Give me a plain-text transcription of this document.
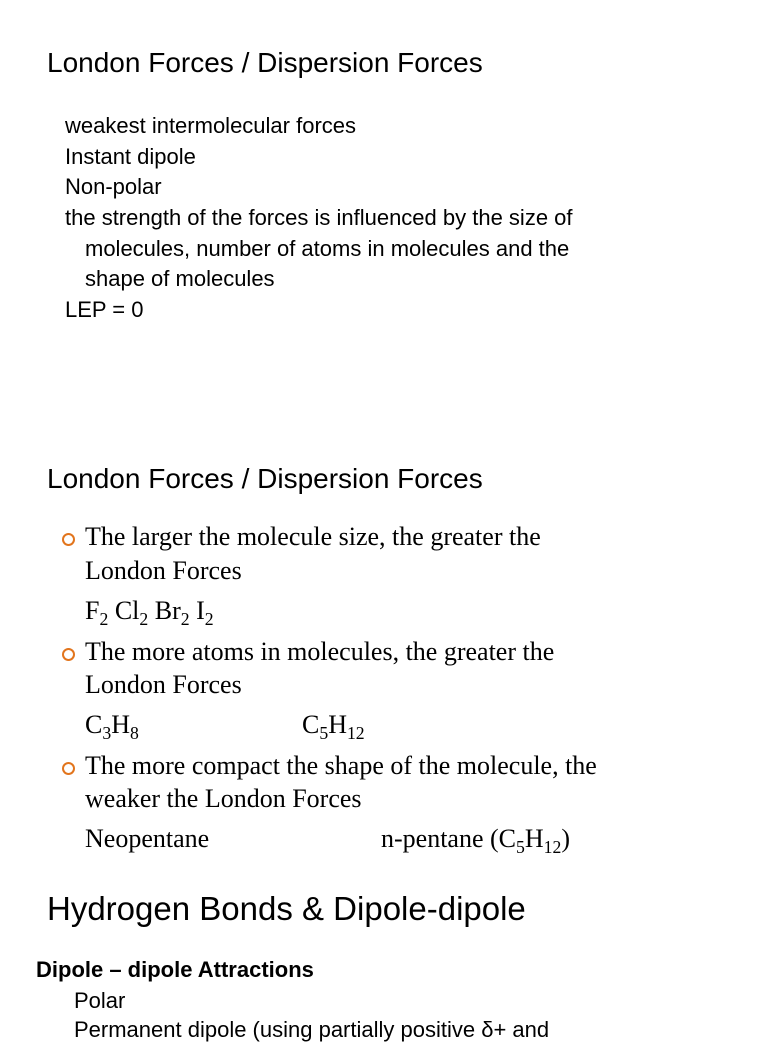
London Forces / Dispersion Forces
weakest intermolecular forces
Instant dipole
Non-polar
the strength of the forces is influenced by the size of
molecules, number of atoms in molecules and the
shape of molecules
LEP = 0
London Forces / Dispersion Forces
The larger the molecule size, the greater the
London Forces
$F_2$ $Cl_2$ $Br_2$ $I_2$
The more atoms in molecules, the greater the
London Forces
$C_3H_8$	$C_5H_{12}$
The more compact the shape of the molecule, the
weaker the London Forces
Neopentane	n-pentane $(C_5H_{12})$
Hydrogen Bonds & Dipole-dipole
Dipole – dipole Attractions
Polar
Permanent dipole (using partially positive δ+ and
